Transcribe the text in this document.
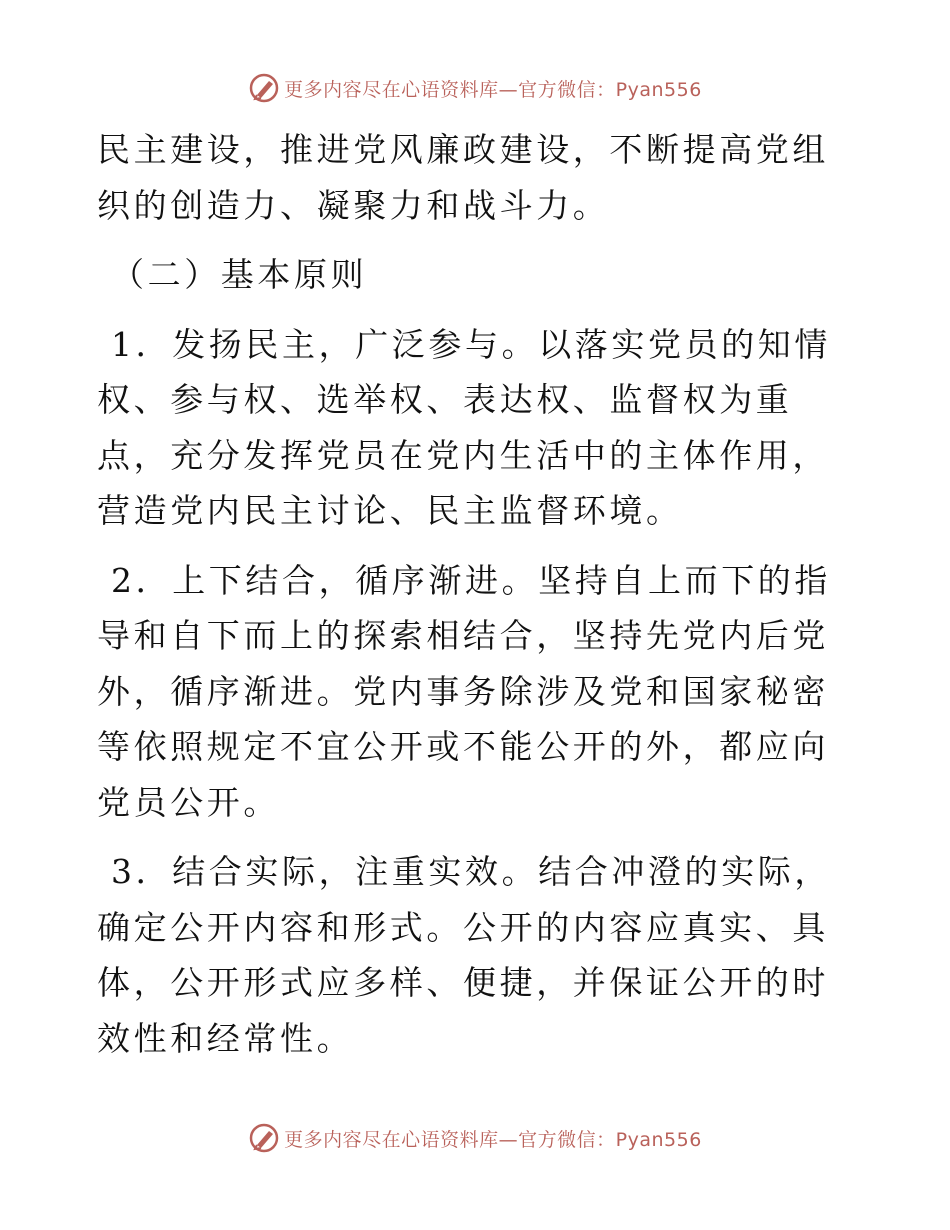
更多内容尽在心语资料库—官方微信：Pyan556

民主建设，推进党风廉政建设，不断提高党组织的创造力、凝聚力和战斗力。

（二）基本原则

1．发扬民主，广泛参与。以落实党员的知情权、参与权、选举权、表达权、监督权为重点，充分发挥党员在党内生活中的主体作用，营造党内民主讨论、民主监督环境。

2．上下结合，循序渐进。坚持自上而下的指导和自下而上的探索相结合，坚持先党内后党外，循序渐进。党内事务除涉及党和国家秘密等依照规定不宜公开或不能公开的外，都应向党员公开。

3．结合实际，注重实效。结合冲澄的实际，确定公开内容和形式。公开的内容应真实、具体，公开形式应多样、便捷，并保证公开的时效性和经常性。

更多内容尽在心语资料库—官方微信：Pyan556
